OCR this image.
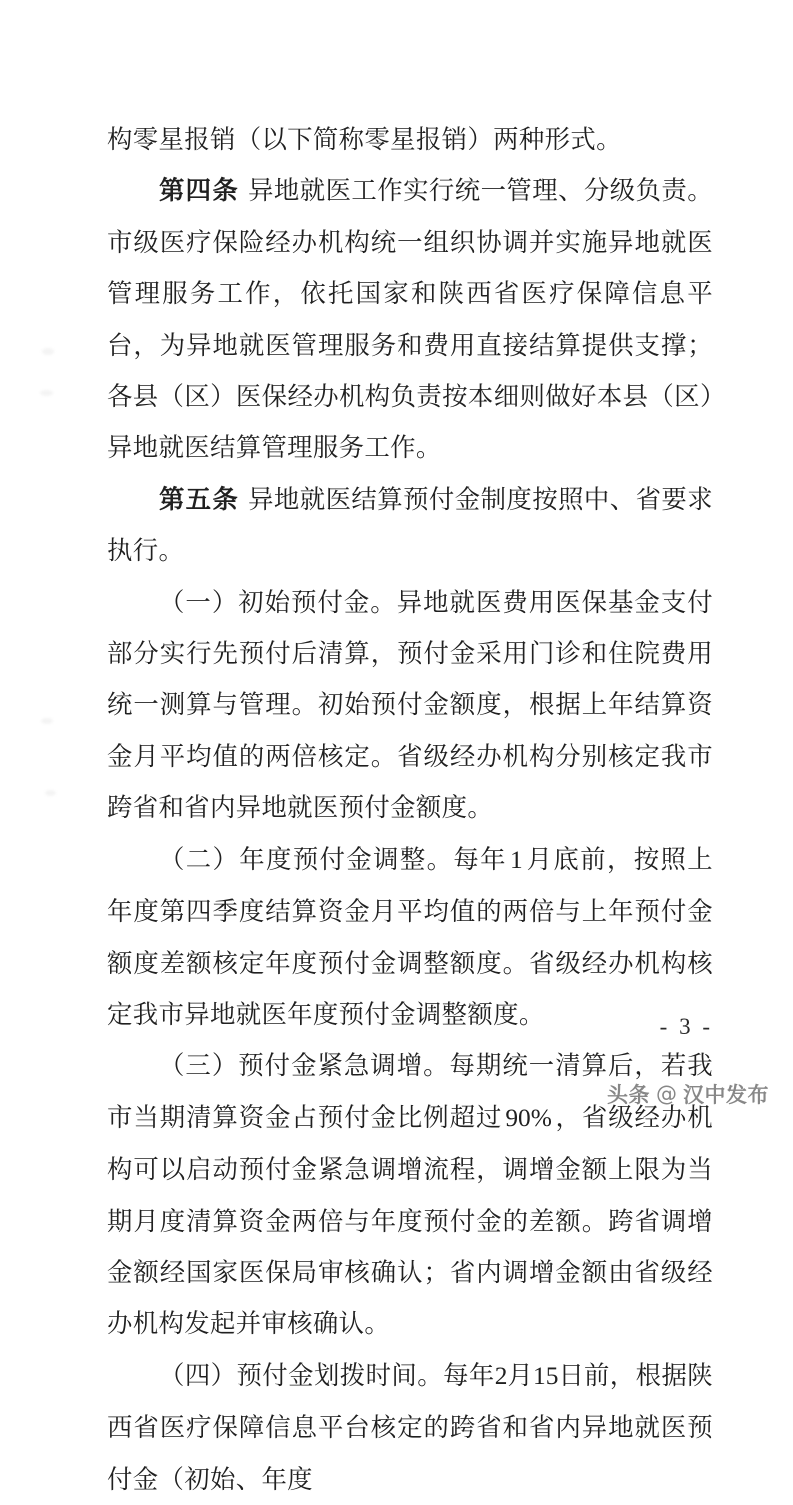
构零星报销（以下简称零星报销）两种形式。

第四条 异地就医工作实行统一管理、分级负责。市级医疗保险经办机构统一组织协调并实施异地就医管理服务工作，依托国家和陕西省医疗保障信息平台，为异地就医管理服务和费用直接结算提供支撑；各县（区）医保经办机构负责按本细则做好本县（区）异地就医结算管理服务工作。

第五条 异地就医结算预付金制度按照中、省要求执行。

（一）初始预付金。异地就医费用医保基金支付部分实行先预付后清算，预付金采用门诊和住院费用统一测算与管理。初始预付金额度，根据上年结算资金月平均值的两倍核定。省级经办机构分别核定我市跨省和省内异地就医预付金额度。

（二）年度预付金调整。每年 1 月底前，按照上年度第四季度结算资金月平均值的两倍与上年预付金额度差额核定年度预付金调整额度。省级经办机构核定我市异地就医年度预付金调整额度。

（三）预付金紧急调增。每期统一清算后，若我市当期清算资金占预付金比例超过 90% ，省级经办机构可以启动预付金紧急调增流程，调增金额上限为当期月度清算资金两倍与年度预付金的差额。跨省调增金额经国家医保局审核确认；省内调增金额由省级经办机构发起并审核确认。

（四）预付金划拨时间。每年2月15日前，根据陕西省医疗保障信息平台核定的跨省和省内异地就医预付金（初始、年度

- 3 -
头条 @ 汉中发布
